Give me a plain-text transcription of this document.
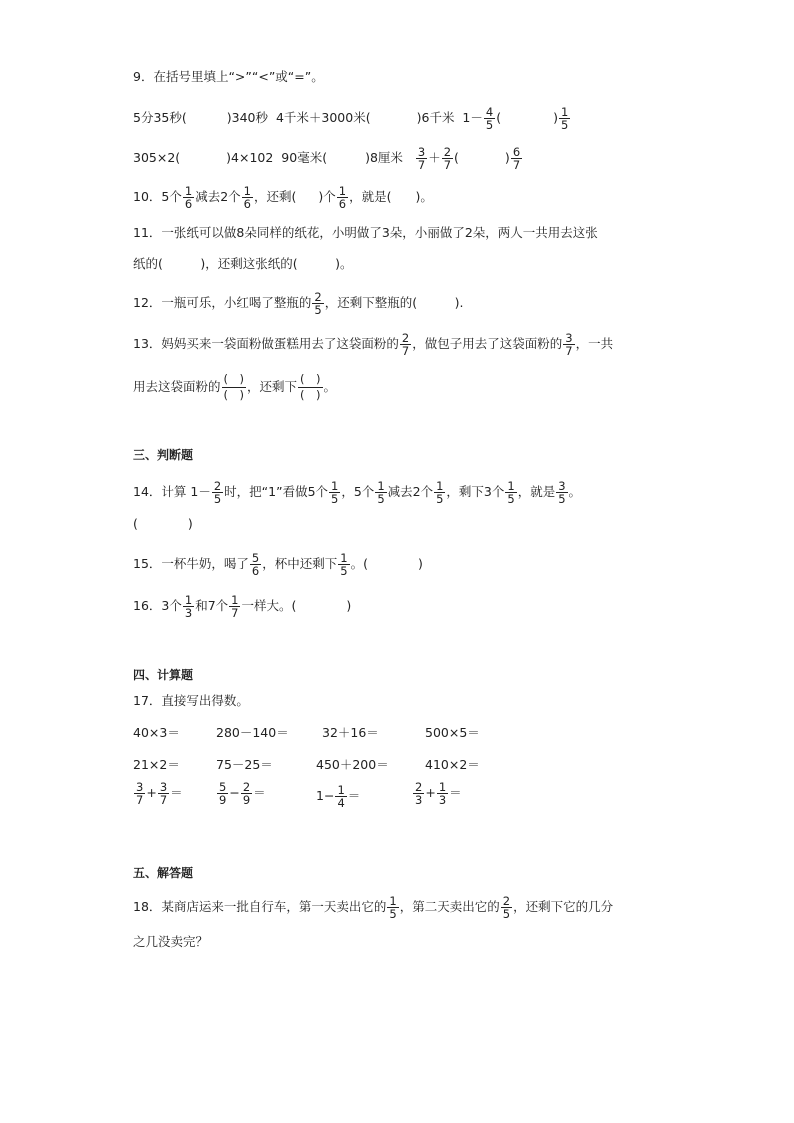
9．在括号里填上“>”“<”或“=”。
5分35秒(	)340秒 4千米＋3000米(	)6千米 $1- \frac{4}{5}$ (	) $\frac{1}{5}$
305×2(	)4×102 90毫米(	)8厘米 $\frac{3}{7} + \frac{2}{7}$ (	) $\frac{6}{7}$
10．5个 $\frac{1}{6}$ 减去2个 $\frac{1}{6}$ ，还剩( )个 $\frac{1}{6}$ ，就是( )。
11．一张纸可以做8朵同样的纸花，小明做了3朵，小丽做了2朵，两人一共用去这张
纸的(　　　)，还剩这张纸的(　　　)。
12．一瓶可乐，小红喝了整瓶的 $\frac{2}{5}$ ，还剩下整瓶的(　　　).
13．妈妈买来一袋面粉做蛋糕用去了这袋面粉的 $\frac{2}{7}$ ，做包子用去了这袋面粉的 $\frac{3}{7}$ ，一共
用去这袋面粉的 $\frac{( )}{( )}$ ，还剩下 $\frac{( )}{( )}$ 。
三、判断题
14．计算 $1- \frac{2}{5}$ 时，把“1”看做5个 $\frac{1}{5}$ ，5个 $\frac{1}{5}$ 减去2个 $\frac{1}{5}$ ，剩下3个 $\frac{1}{5}$ ，就是 $\frac{3}{5}$ 。
(　　　　)
15．一杯牛奶，喝了 $\frac{5}{6}$ ，杯中还剩下 $\frac{1}{5}$ 。(　　　　)
16．3个 $\frac{1}{3}$ 和7个 $\frac{1}{7}$ 一样大。(　　　　)
四、计算题
17．直接写出得数。
40×3＝	280－140＝	32＋16＝	500×5＝
21×2＝	75－25＝	450＋200＝	410×2＝
$\frac{3}{7} + \frac{3}{7}$ ＝	$\frac{5}{9} - \frac{2}{9}$ ＝	$1- \frac{1}{4}$ ＝	$\frac{2}{3} + \frac{1}{3}$ ＝
五、解答题
18．某商店运来一批自行车，第一天卖出它的 $\frac{1}{5}$ ，第二天卖出它的 $\frac{2}{5}$ ，还剩下它的几分
之几没卖完？
